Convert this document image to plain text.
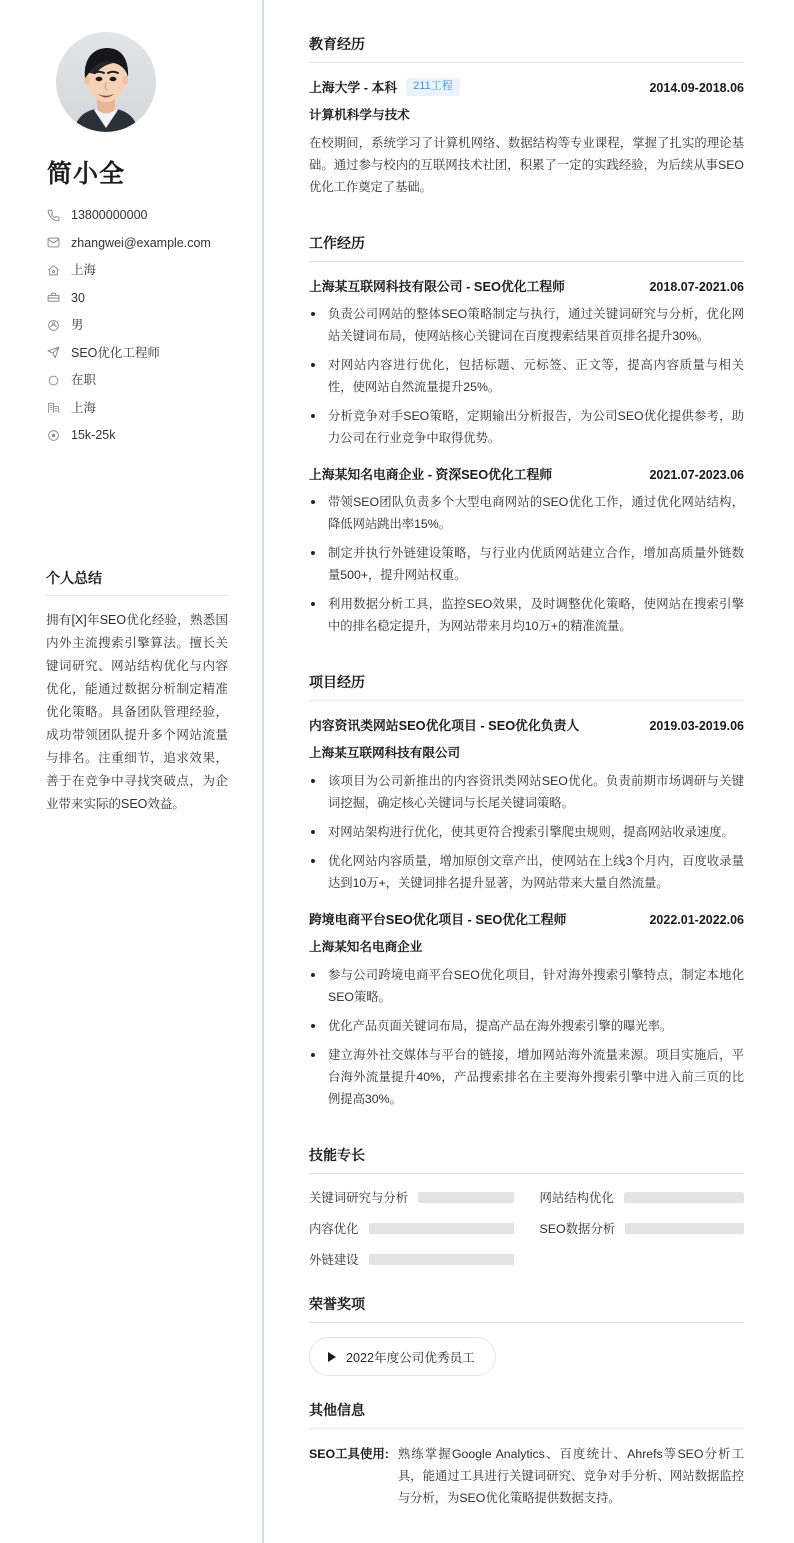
简小全
13800000000
zhangwei@example.com
上海
30
男
SEO优化工程师
在职
上海
15k-25k
个人总结

拥有[X]年SEO优化经验，熟悉国内外主流搜索引擎算法。擅长关键词研究、网站结构优化与内容优化，能通过数据分析制定精准优化策略。具备团队管理经验，成功带领团队提升多个网站流量与排名。注重细节，追求效果，善于在竞争中寻找突破点，为企业带来实际的SEO效益。

教育经历
上海大学 - 本科	211工程	2014.09-2018.06
计算机科学与技术

在校期间，系统学习了计算机网络、数据结构等专业课程，掌握了扎实的理论基础。通过参与校内的互联网技术社团，积累了一定的实践经验，为后续从事SEO优化工作奠定了基础。

工作经历
上海某互联网科技有限公司 - SEO优化工程师	2018.07-2021.06
负责公司网站的整体SEO策略制定与执行，通过关键词研究与分析，优化网站关键词布局，使网站核心关键词在百度搜索结果首页排名提升30%。
对网站内容进行优化，包括标题、元标签、正文等，提高内容质量与相关性，使网站自然流量提升25%。
分析竞争对手SEO策略，定期输出分析报告，为公司SEO优化提供参考，助力公司在行业竞争中取得优势。
上海某知名电商企业 - 资深SEO优化工程师	2021.07-2023.06
带领SEO团队负责多个大型电商网站的SEO优化工作，通过优化网站结构，降低网站跳出率15%。
制定并执行外链建设策略，与行业内优质网站建立合作，增加高质量外链数量500+，提升网站权重。
利用数据分析工具，监控SEO效果，及时调整优化策略，使网站在搜索引擎中的排名稳定提升，为网站带来月均10万+的精准流量。
项目经历
内容资讯类网站SEO优化项目 - SEO优化负责人	2019.03-2019.06
上海某互联网科技有限公司
该项目为公司新推出的内容资讯类网站SEO优化。负责前期市场调研与关键词挖掘，确定核心关键词与长尾关键词策略。
对网站架构进行优化，使其更符合搜索引擎爬虫规则，提高网站收录速度。
优化网站内容质量，增加原创文章产出，使网站在上线3个月内，百度收录量达到10万+，关键词排名提升显著，为网站带来大量自然流量。
跨境电商平台SEO优化项目 - SEO优化工程师	2022.01-2022.06
上海某知名电商企业
参与公司跨境电商平台SEO优化项目，针对海外搜索引擎特点，制定本地化SEO策略。
优化产品页面关键词布局，提高产品在海外搜索引擎的曝光率。
建立海外社交媒体与平台的链接，增加网站海外流量来源。项目实施后，平台海外流量提升40%，产品搜索排名在主要海外搜索引擎中进入前三页的比例提高30%。
技能专长
关键词研究与分析	网站结构优化
内容优化	SEO数据分析
外链建设
荣誉奖项
2022年度公司优秀员工
其他信息
SEO工具使用: 熟练掌握Google Analytics、百度统计、Ahrefs等SEO分析工具，能通过工具进行关键词研究、竞争对手分析、网站数据监控与分析，为SEO优化策略提供数据支持。
